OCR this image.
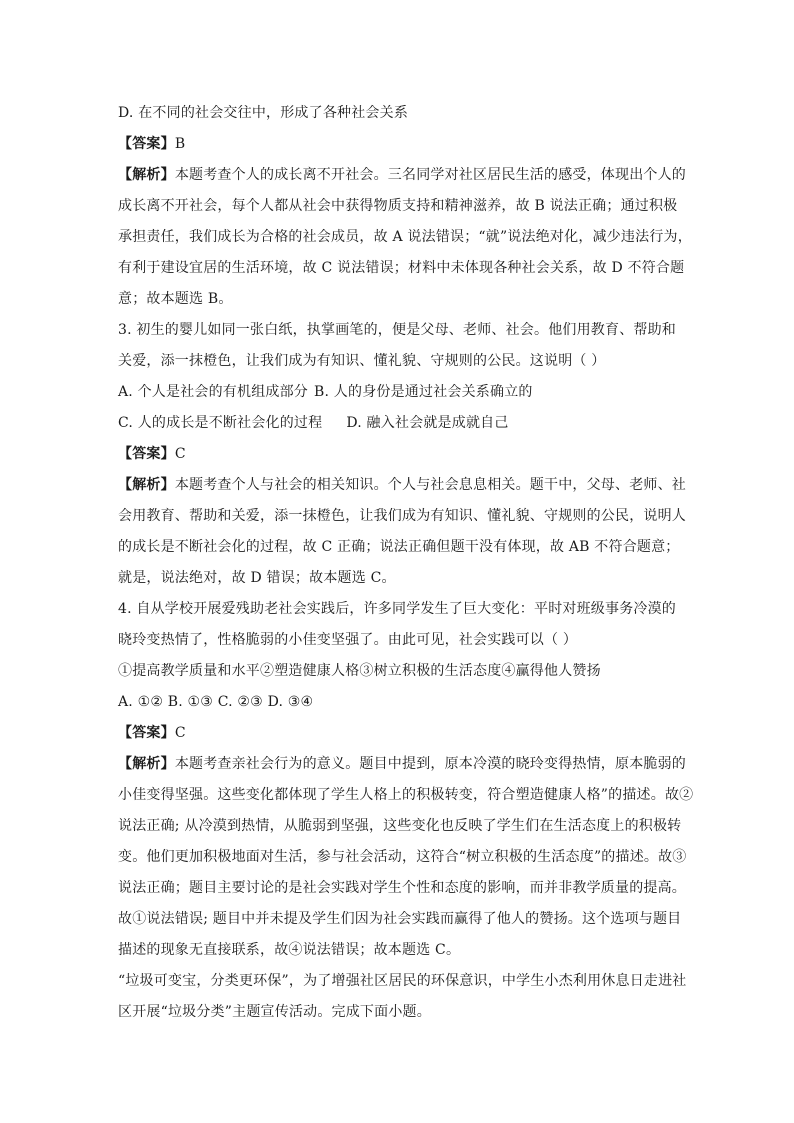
D. 在不同的社会交往中，形成了各种社会关系
【答案】B
【解析】本题考查个人的成长离不开社会。三名同学对社区居民生活的感受，体现出个人的
成长离不开社会，每个人都从社会中获得物质支持和精神滋养，故 B 说法正确；通过积极
承担责任，我们成长为合格的社会成员，故 A 说法错误；“就”说法绝对化，减少违法行为，
有利于建设宜居的生活环境，故 C 说法错误；材料中未体现各种社会关系，故 D 不符合题
意；故本题选 B。
3. 初生的婴儿如同一张白纸，执掌画笔的，便是父母、老师、社会。他们用教育、帮助和
关爱，添一抹橙色，让我们成为有知识、懂礼貌、守规则的公民。这说明（ ）
A. 个人是社会的有机组成部分 B. 人的身份是通过社会关系确立的
C. 人的成长是不断社会化的过程 D. 融入社会就是成就自己
【答案】C
【解析】本题考查个人与社会的相关知识。个人与社会息息相关。题干中，父母、老师、社
会用教育、帮助和关爱，添一抹橙色，让我们成为有知识、懂礼貌、守规则的公民，说明人
的成长是不断社会化的过程，故 C 正确；说法正确但题干没有体现，故 AB 不符合题意；
就是，说法绝对，故 D 错误；故本题选 C。
4. 自从学校开展爱残助老社会实践后，许多同学发生了巨大变化：平时对班级事务冷漠的
晓玲变热情了，性格脆弱的小佳变坚强了。由此可见，社会实践可以（ ）
①提高教学质量和水平②塑造健康人格③树立积极的生活态度④赢得他人赞扬
A. ①② B. ①③ C. ②③ D. ③④
【答案】C
【解析】本题考查亲社会行为的意义。题目中提到，原本冷漠的晓玲变得热情，原本脆弱的
小佳变得坚强。这些变化都体现了学生人格上的积极转变，符合塑造健康人格”的描述。故②
说法正确; 从冷漠到热情，从脆弱到坚强，这些变化也反映了学生们在生活态度上的积极转
变。他们更加积极地面对生活，参与社会活动，这符合“树立积极的生活态度”的描述。故③
说法正确；题目主要讨论的是社会实践对学生个性和态度的影响，而并非教学质量的提高。
故①说法错误; 题目中并未提及学生们因为社会实践而赢得了他人的赞扬。这个选项与题目
描述的现象无直接联系，故④说法错误；故本题选 C。
“垃圾可变宝，分类更环保”，为了增强社区居民的环保意识，中学生小杰利用休息日走进社
区开展“垃圾分类”主题宣传活动。完成下面小题。
